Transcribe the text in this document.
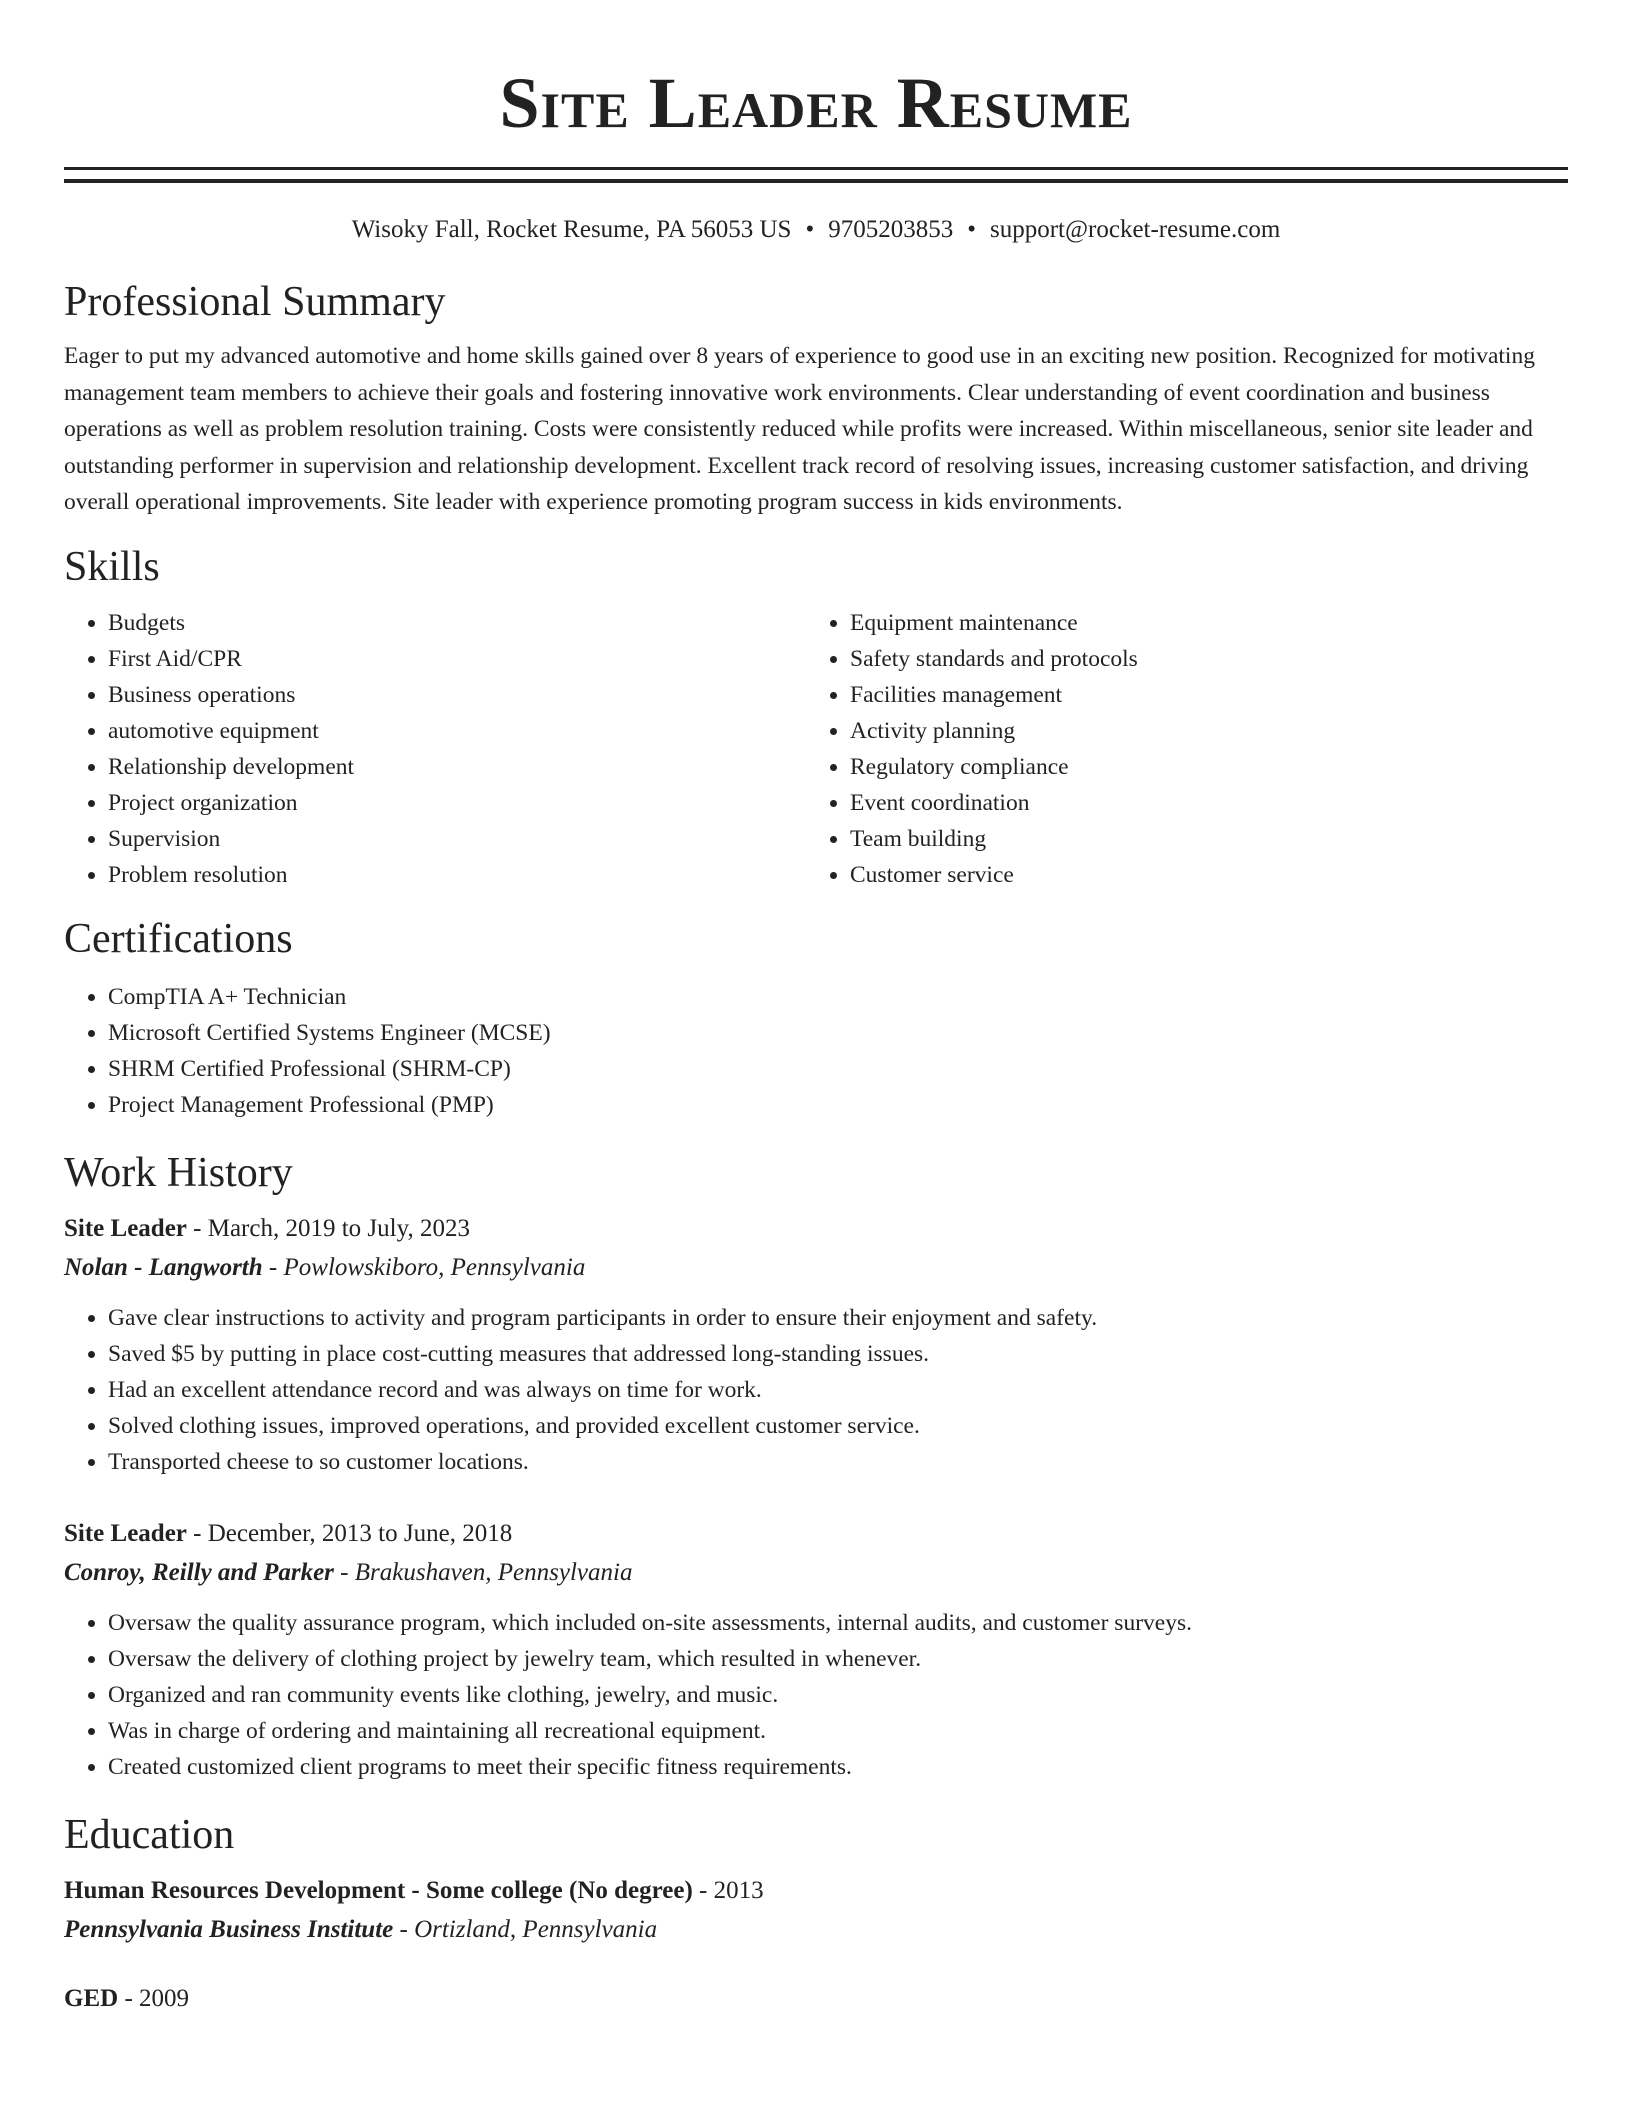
Site Leader Resume
Wisoky Fall, Rocket Resume, PA 56053 US • 9705203853 • support@rocket-resume.com
Professional Summary

Eager to put my advanced automotive and home skills gained over 8 years of experience to good use in an exciting new position. Recognized for motivating management team members to achieve their goals and fostering innovative work environments. Clear understanding of event coordination and business operations as well as problem resolution training. Costs were consistently reduced while profits were increased. Within miscellaneous, senior site leader and outstanding performer in supervision and relationship development. Excellent track record of resolving issues, increasing customer satisfaction, and driving overall operational improvements. Site leader with experience promoting program success in kids environments.

Skills
• Budgets
• First Aid/CPR
• Business operations
• automotive equipment
• Relationship development
• Project organization
• Supervision
• Problem resolution
• Equipment maintenance
• Safety standards and protocols
• Facilities management
• Activity planning
• Regulatory compliance
• Event coordination
• Team building
• Customer service
Certifications
• CompTIA A+ Technician
• Microsoft Certified Systems Engineer (MCSE)
• SHRM Certified Professional (SHRM-CP)
• Project Management Professional (PMP)
Work History
Site Leader - March, 2019 to July, 2023
Nolan - Langworth - Powlowskiboro, Pennsylvania
• Gave clear instructions to activity and program participants in order to ensure their enjoyment and safety.
• Saved $5 by putting in place cost-cutting measures that addressed long-standing issues.
• Had an excellent attendance record and was always on time for work.
• Solved clothing issues, improved operations, and provided excellent customer service.
• Transported cheese to so customer locations.
Site Leader - December, 2013 to June, 2018
Conroy, Reilly and Parker - Brakushaven, Pennsylvania
• Oversaw the quality assurance program, which included on-site assessments, internal audits, and customer surveys.
• Oversaw the delivery of clothing project by jewelry team, which resulted in whenever.
• Organized and ran community events like clothing, jewelry, and music.
• Was in charge of ordering and maintaining all recreational equipment.
• Created customized client programs to meet their specific fitness requirements.
Education
Human Resources Development - Some college (No degree) - 2013
Pennsylvania Business Institute - Ortizland, Pennsylvania
GED - 2009
